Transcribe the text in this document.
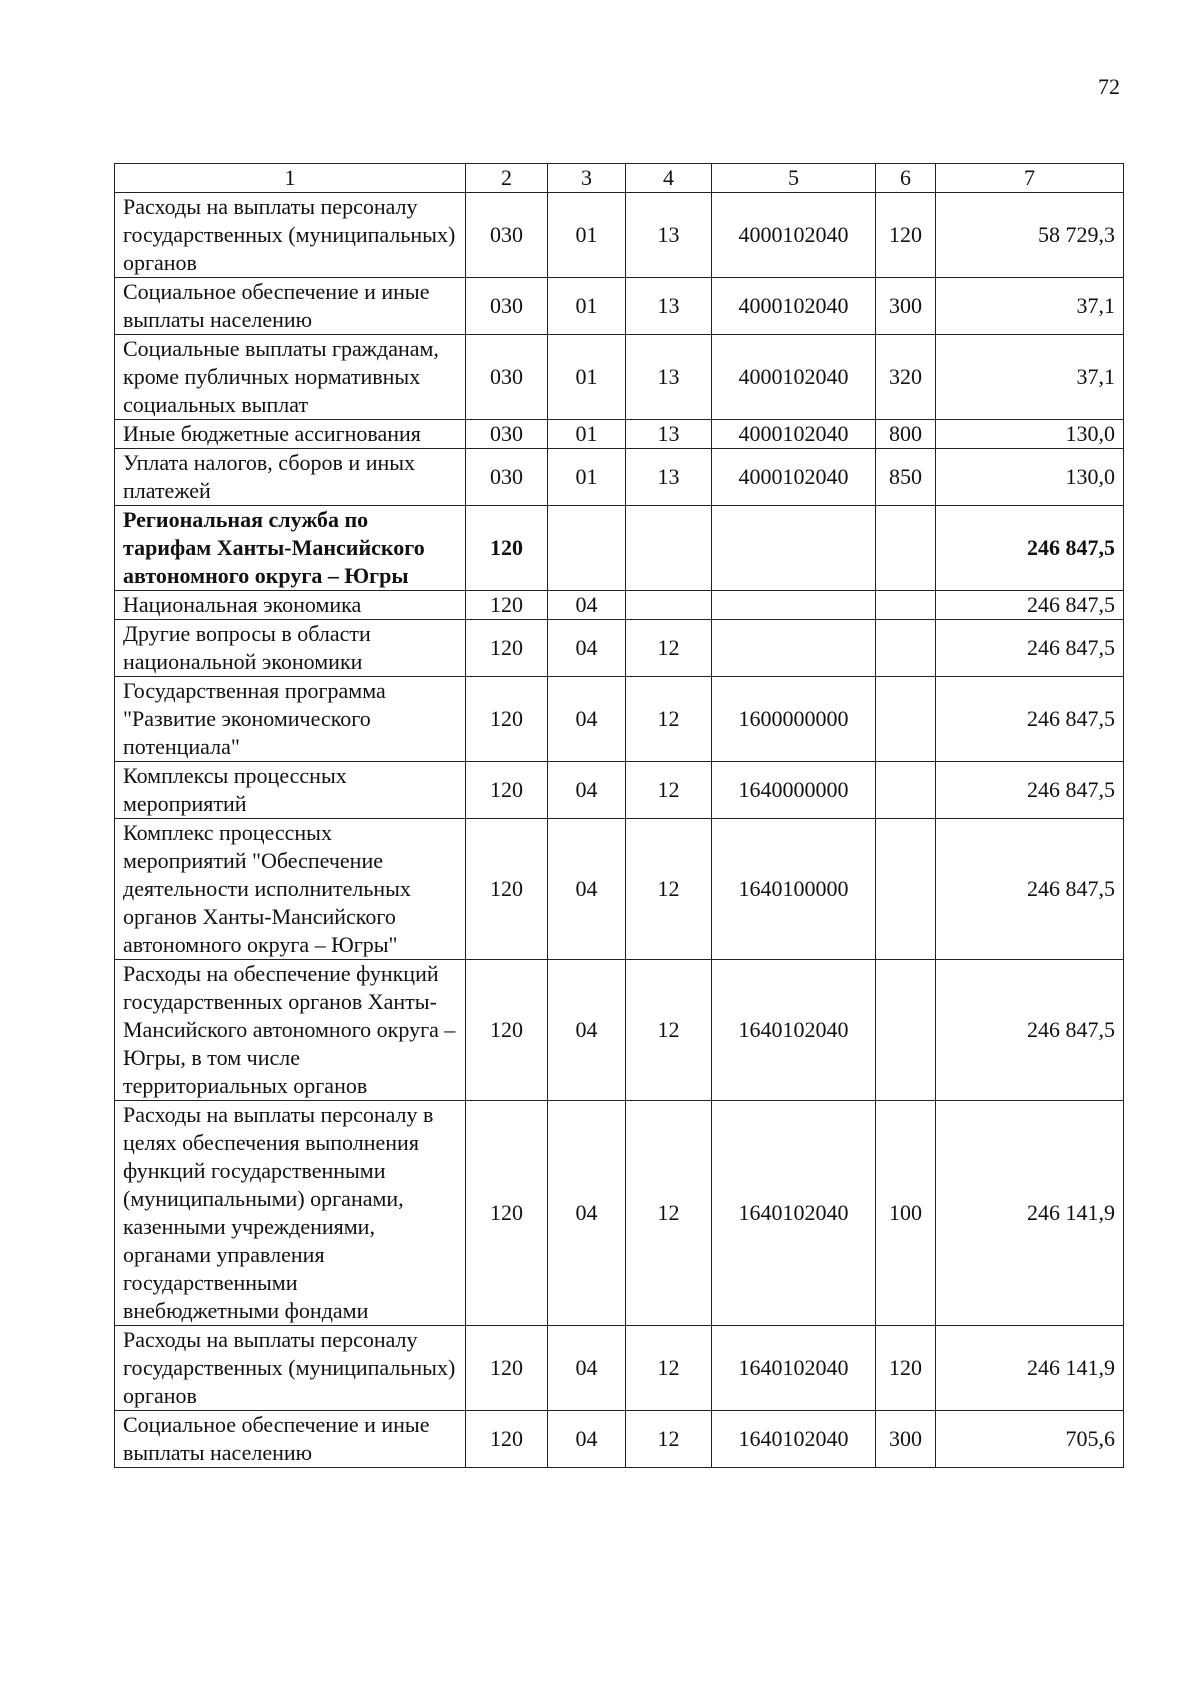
72
1	2	3	4	5	6	7
Расходы на выплаты персоналу государственных (муниципальных) органов	030	01	13	4000102040	120	58 729,3
Социальное обеспечение и иные выплаты населению	030	01	13	4000102040	300	37,1
Социальные выплаты гражданам, кроме публичных нормативных социальных выплат	030	01	13	4000102040	320	37,1
Иные бюджетные ассигнования	030	01	13	4000102040	800	130,0
Уплата налогов, сборов и иных платежей	030	01	13	4000102040	850	130,0
Региональная служба по тарифам Ханты-Мансийского автономного округа – Югры	120					246 847,5
Национальная экономика	120	04				246 847,5
Другие вопросы в области национальной экономики	120	04	12			246 847,5
Государственная программа "Развитие экономического потенциала"	120	04	12	1600000000		246 847,5
Комплексы процессных мероприятий	120	04	12	1640000000		246 847,5
Комплекс процессных мероприятий "Обеспечение деятельности исполнительных органов Ханты-Мансийского автономного округа – Югры"	120	04	12	1640100000		246 847,5
Расходы на обеспечение функций государственных органов Ханты-Мансийского автономного округа – Югры, в том числе территориальных органов	120	04	12	1640102040		246 847,5
Расходы на выплаты персоналу в целях обеспечения выполнения функций государственными (муниципальными) органами, казенными учреждениями, органами управления государственными внебюджетными фондами	120	04	12	1640102040	100	246 141,9
Расходы на выплаты персоналу государственных (муниципальных) органов	120	04	12	1640102040	120	246 141,9
Социальное обеспечение и иные выплаты населению	120	04	12	1640102040	300	705,6
